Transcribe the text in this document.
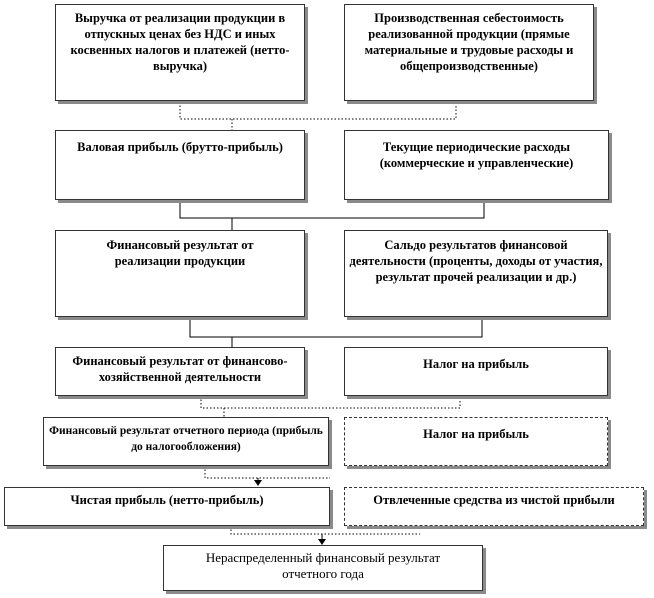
Выручка от реализации продукции в отпускных ценах без НДС и иных косвенных налогов и платежей (нетто-выручка)
Производственная себестоимость реализованной продукции (прямые материальные и трудовые расходы и общепроизводственные)
Валовая прибыль (брутто-прибыль)	Текущие периодические расходы (коммерческие и управленческие)
Финансовый результат от реализации продукции
Сальдо результатов финансовой деятельности (проценты, доходы от участия, результат прочей реализации и др.)
Финансовый результат от финансово-хозяйственной деятельности
Налог на прибыль
Финансовый результат отчетного периода (прибыль до налогообложения)
Налог на прибыль
Чистая прибыль (нетто-прибыль)	Отвлеченные средства из чистой прибыли
Нераспределенный финансовый результат отчетного года
